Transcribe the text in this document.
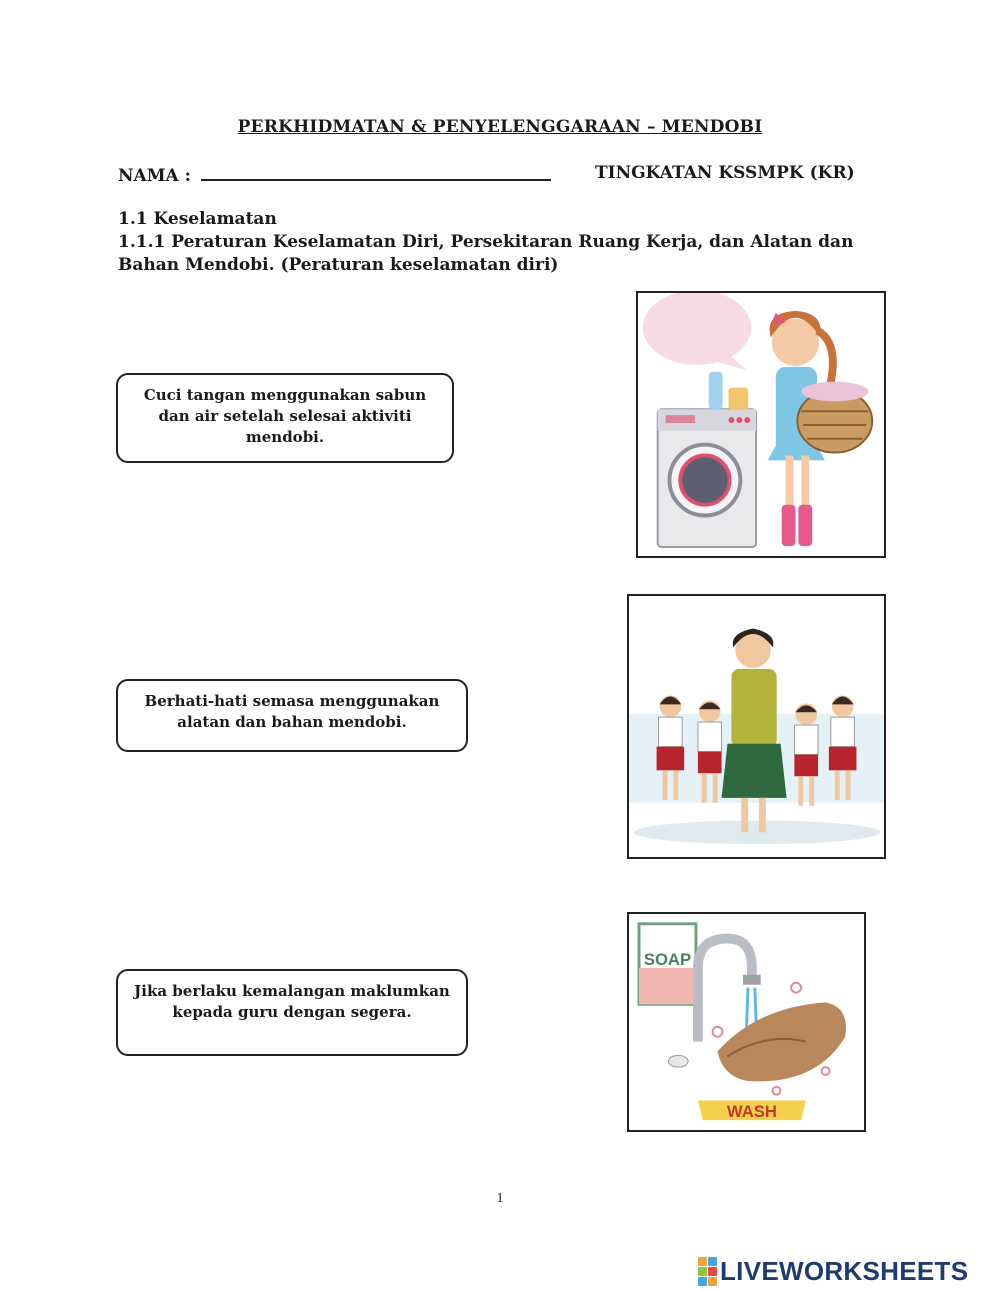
PERKHIDMATAN & PENYELENGGARAAN – MENDOBI
NAMA :	TINGKATAN KSSMPK (KR)
1.1 Keselamatan
1.1.1 Peraturan Keselamatan Diri, Persekitaran Ruang Kerja, dan Alatan dan Bahan Mendobi. (Peraturan keselamatan diri)
Cuci tangan menggunakan sabun dan air setelah selesai aktiviti mendobi.
Berhati-hati semasa menggunakan alatan dan bahan mendobi.
Jika berlaku kemalangan maklumkan kepada guru dengan segera.
SOAP
WASH
1
LIVEWORKSHEETS
